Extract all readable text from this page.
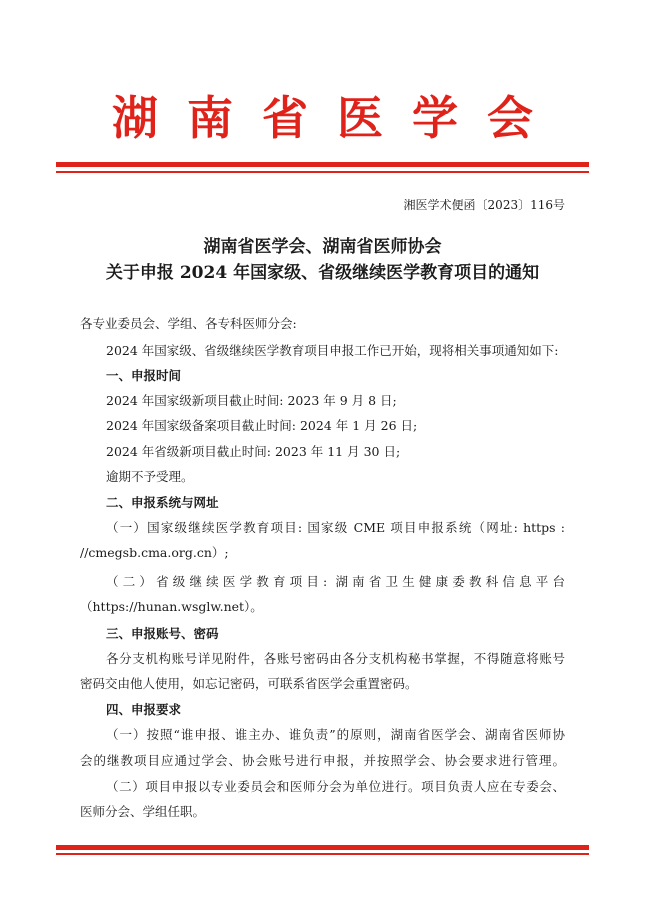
湖南省医学会
湘医学术便函〔2023〕116号
湖南省医学会、湖南省医师协会
关于申报 2024 年国家级、省级继续医学教育项目的通知
各专业委员会、学组、各专科医师分会:
2024 年国家级、省级继续医学教育项目申报工作已开始，现将相关事项通知如下:
一、申报时间
2024 年国家级新项目截止时间: 2023 年 9 月 8 日;
2024 年国家级备案项目截止时间: 2024 年 1 月 26 日;
2024 年省级新项目截止时间: 2023 年 11 月 30 日;
逾期不予受理。
二、申报系统与网址
（一）国家级继续医学教育项目: 国家级 CME 项目申报系统（网址: https :
//cmegsb.cma.org.cn）;
（二）省级继续医学教育项目: 湖南省卫生健康委教科信息平台
（https://hunan.wsglw.net）。
三、申报账号、密码
各分支机构账号详见附件，各账号密码由各分支机构秘书掌握，不得随意将账号
密码交由他人使用，如忘记密码，可联系省医学会重置密码。
四、申报要求
（一）按照“谁申报、谁主办、谁负责”的原则，湖南省医学会、湖南省医师协
会的继教项目应通过学会、协会账号进行申报，并按照学会、协会要求进行管理。
（二）项目申报以专业委员会和医师分会为单位进行。项目负责人应在专委会、
医师分会、学组任职。
